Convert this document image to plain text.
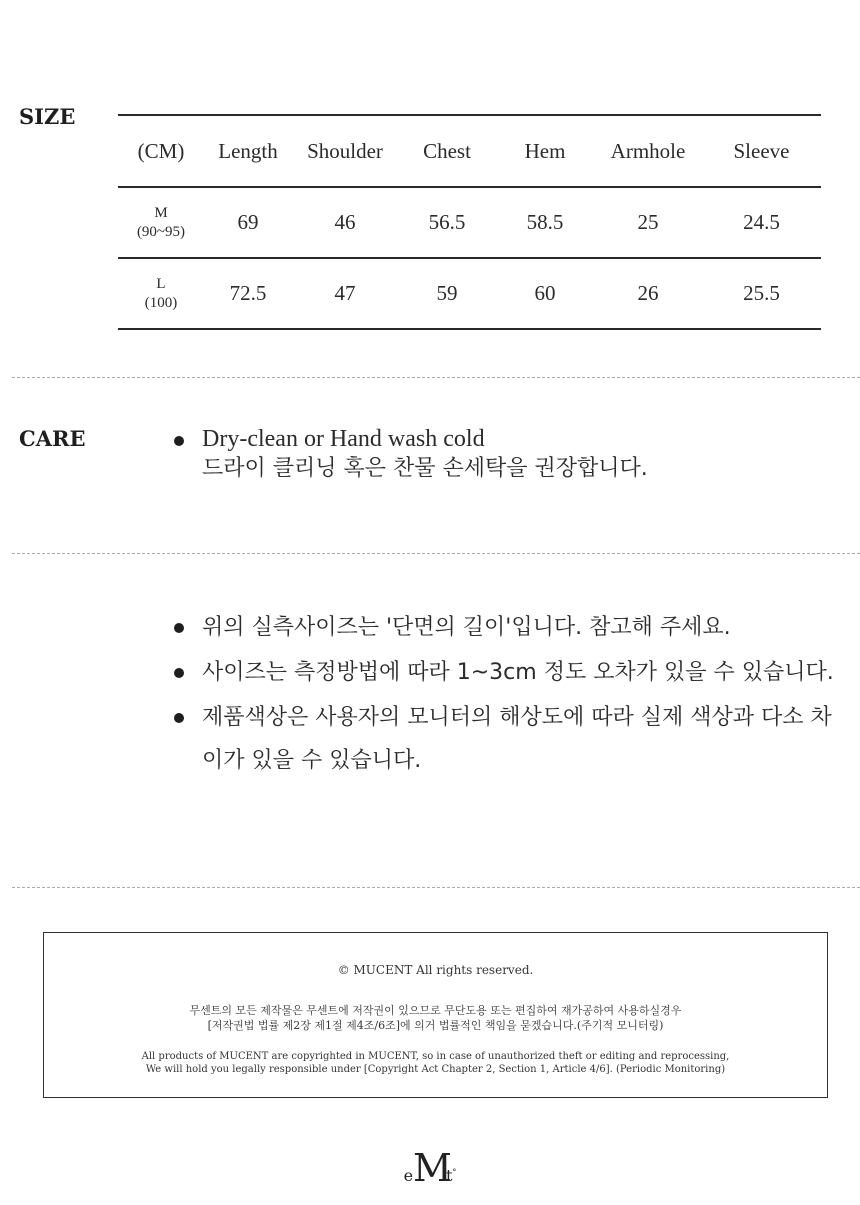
SIZE
(CM)	Length	Shoulder	Chest	Hem	Armhole	Sleeve
M
(90~95)	69	46	56.5	58.5	25	24.5
L
(100)	72.5	47	59	60	26	25.5
CARE	Dry-clean or Hand wash cold
드라이 클리닝 혹은 찬물 손세탁을 권장합니다.
위의 실측사이즈는 '단면의 길이'입니다. 참고해 주세요.
사이즈는 측정방법에 따라 1~3cm 정도 오차가 있을 수 있습니다.
제품색상은 사용자의 모니터의 해상도에 따라 실제 색상과 다소 차이가 있을 수 있습니다.
© MUCENT All rights reserved.
무센트의 모든 제작물은 무센트에 저작권이 있으므로 무단도용 또는 편집하여 재가공하여 사용하실경우
[저작권법 법률 제2장 제1절 제4조/6조]에 의거 법률적인 책임을 묻겠습니다.(주기적 모니터링)
All products of MUCENT are copyrighted in MUCENT, so in case of unauthorized theft or editing and reprocessing,
We will hold you legally responsible under [Copyright Act Chapter 2, Section 1, Article 4/6]. (Periodic Monitoring)
eMt°
